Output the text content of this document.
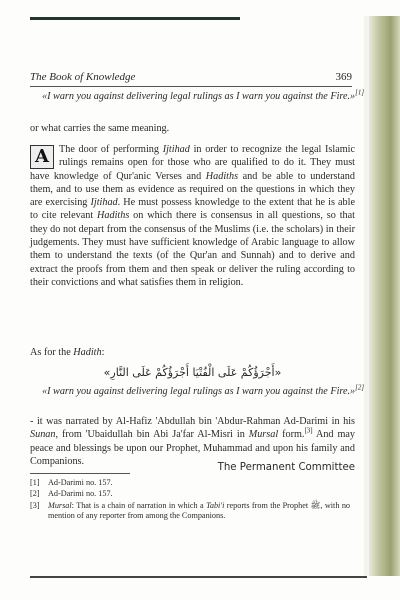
The Book of Knowledge	369
«I warn you against delivering legal rulings as I warn you against the Fire.»[1]
or what carries the same meaning.
A The door of performing Ijtihad in order to recognize the legal Islamic rulings remains open for those who are qualified to do it. They must have knowledge of Qur'anic Verses and Hadiths and be able to understand them, and to use them as evidence as required on the questions in which they are exercising Ijtihad. He must possess knowledge to the extent that he is able to cite relevant Hadiths on which there is consensus in all questions, so that they do not depart from the consensus of the Muslims (i.e. the scholars) in their judgements. They must have sufficient knowledge of Arabic language to allow them to understand the texts (of the Qur'an and Sunnah) and to derive and extract the proofs from them and then speak or deliver the ruling according to their convictions and what satisfies them in religion.
As for the Hadith:
«أَجْرَؤُكُمْ عَلَى الْفُتْيَا أَجْرَؤُكُمْ عَلَى النَّارِ»
«I warn you against delivering legal rulings as I warn you against the Fire.»[2]
- it was narrated by Al-Hafiz 'Abdullah bin 'Abdur-Rahman Ad-Darimi in his Sunan, from 'Ubaidullah bin Abi Ja'far Al-Misri in Mursal form.[3] And may peace and blessings be upon our Prophet, Muhammad and upon his family and Companions.
The Permanent Committee
[1]	Ad-Darimi no. 157.
[2]	Ad-Darimi no. 157.
[3]	Mursal: That is a chain of narration in which a Tabi'i reports from the Prophet ﷺ, with no mention of any reporter from among the Companions.
